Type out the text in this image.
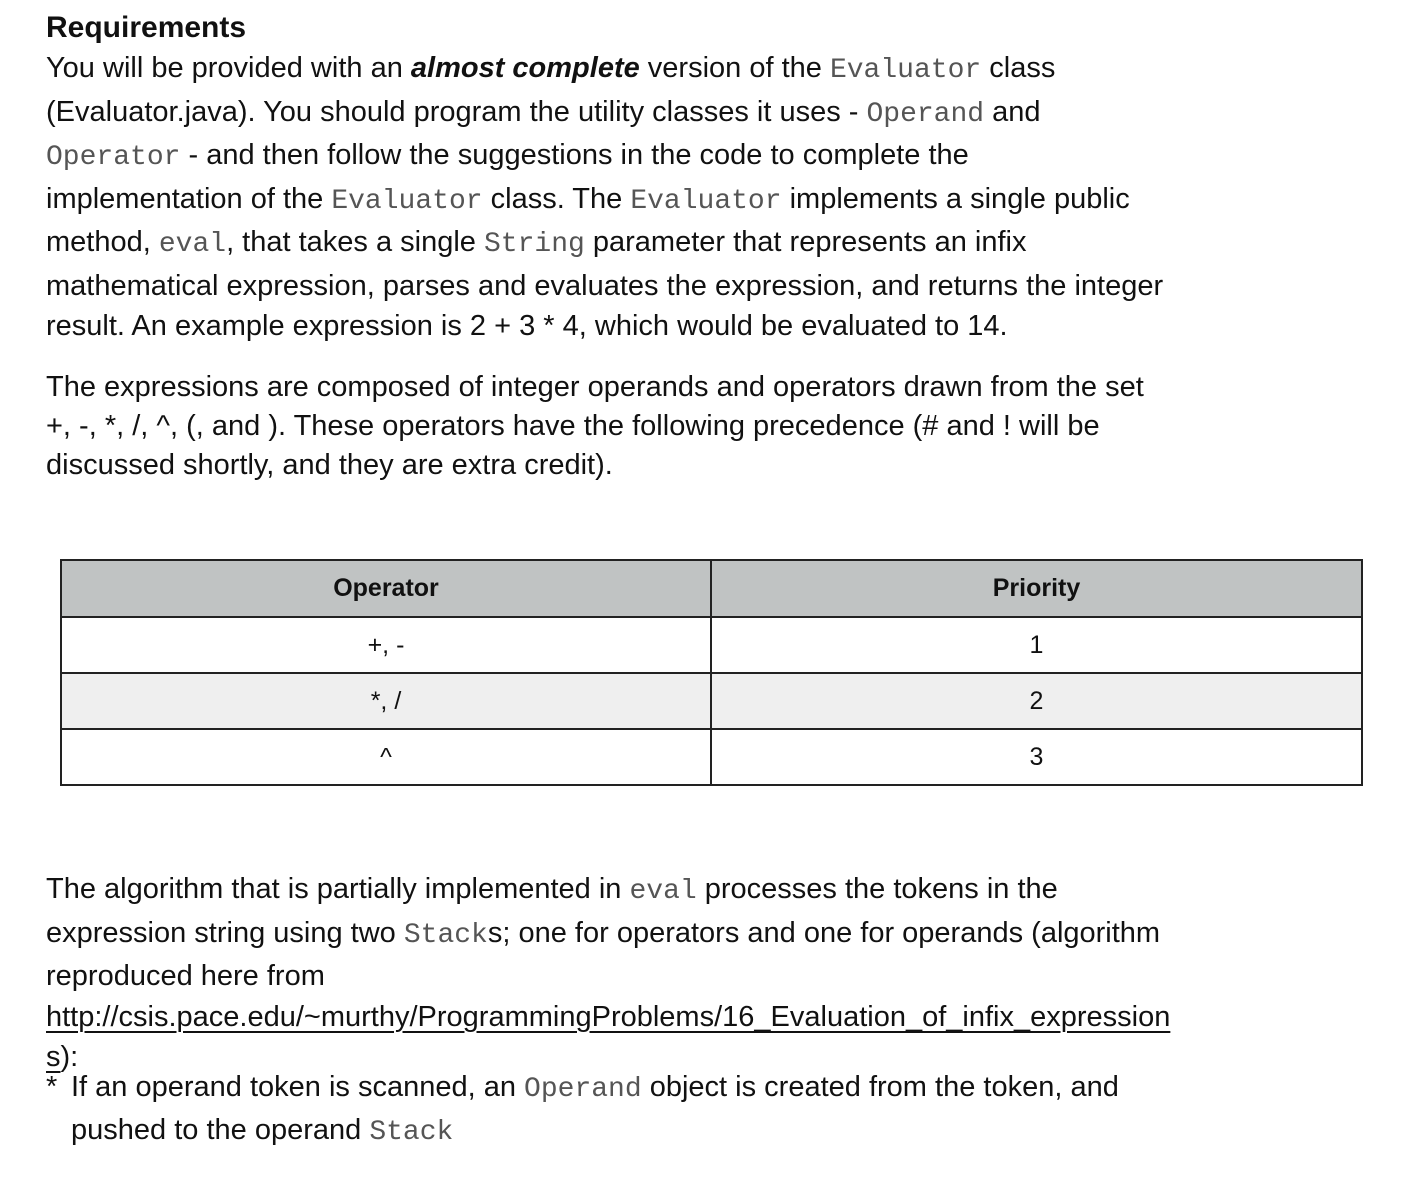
Requirements
You will be provided with an almost complete version of the Evaluator class
(Evaluator.java). You should program the utility classes it uses - Operand and
Operator - and then follow the suggestions in the code to complete the
implementation of the Evaluator class. The Evaluator implements a single public
method, eval, that takes a single String parameter that represents an infix
mathematical expression, parses and evaluates the expression, and returns the integer
result. An example expression is 2 + 3 * 4, which would be evaluated to 14.
The expressions are composed of integer operands and operators drawn from the set
+, -, *, /, ^, (, and ). These operators have the following precedence (# and ! will be
discussed shortly, and they are extra credit).
Operator	Priority
+, -	1
*, /	2
^	3
The algorithm that is partially implemented in eval processes the tokens in the
expression string using two Stacks; one for operators and one for operands (algorithm
reproduced here from
http://csis.pace.edu/~murthy/ProgrammingProblems/16_Evaluation_of_infix_expression
s):
* If an operand token is scanned, an Operand object is created from the token, and
pushed to the operand Stack
